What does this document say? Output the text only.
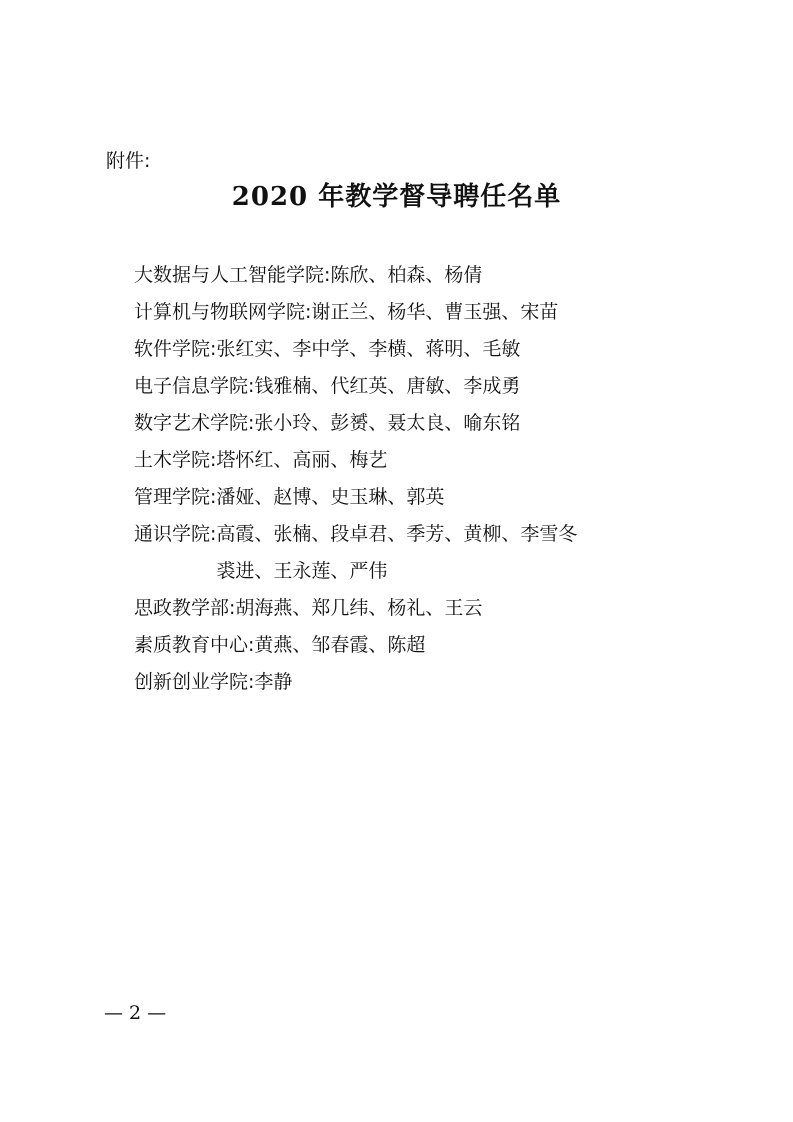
附件:
2020 年教学督导聘任名单
大数据与人工智能学院 : 陈欣、柏森、杨倩
计算机与物联网学院 : 谢正兰、杨华、曹玉强、宋苗
软件学院 : 张红实、李中学、李横、蒋明、毛敏
电子信息学院 : 钱雅楠、代红英、唐敏、李成勇
数字艺术学院 : 张小玲、彭赟、聂太良、喻东铭
土木学院 : 塔怀红、高丽、梅艺
管理学院 : 潘娅、赵博、史玉琳、郭英
通识学院 : 高霞、张楠、段卓君、季芳、黄柳、李雪冬
裘进、王永莲、严伟
思政教学部 : 胡海燕、郑几纬、杨礼、王云
素质教育中心 : 黄燕、邹春霞、陈超
创新创业学院 : 李静
— 2 —
